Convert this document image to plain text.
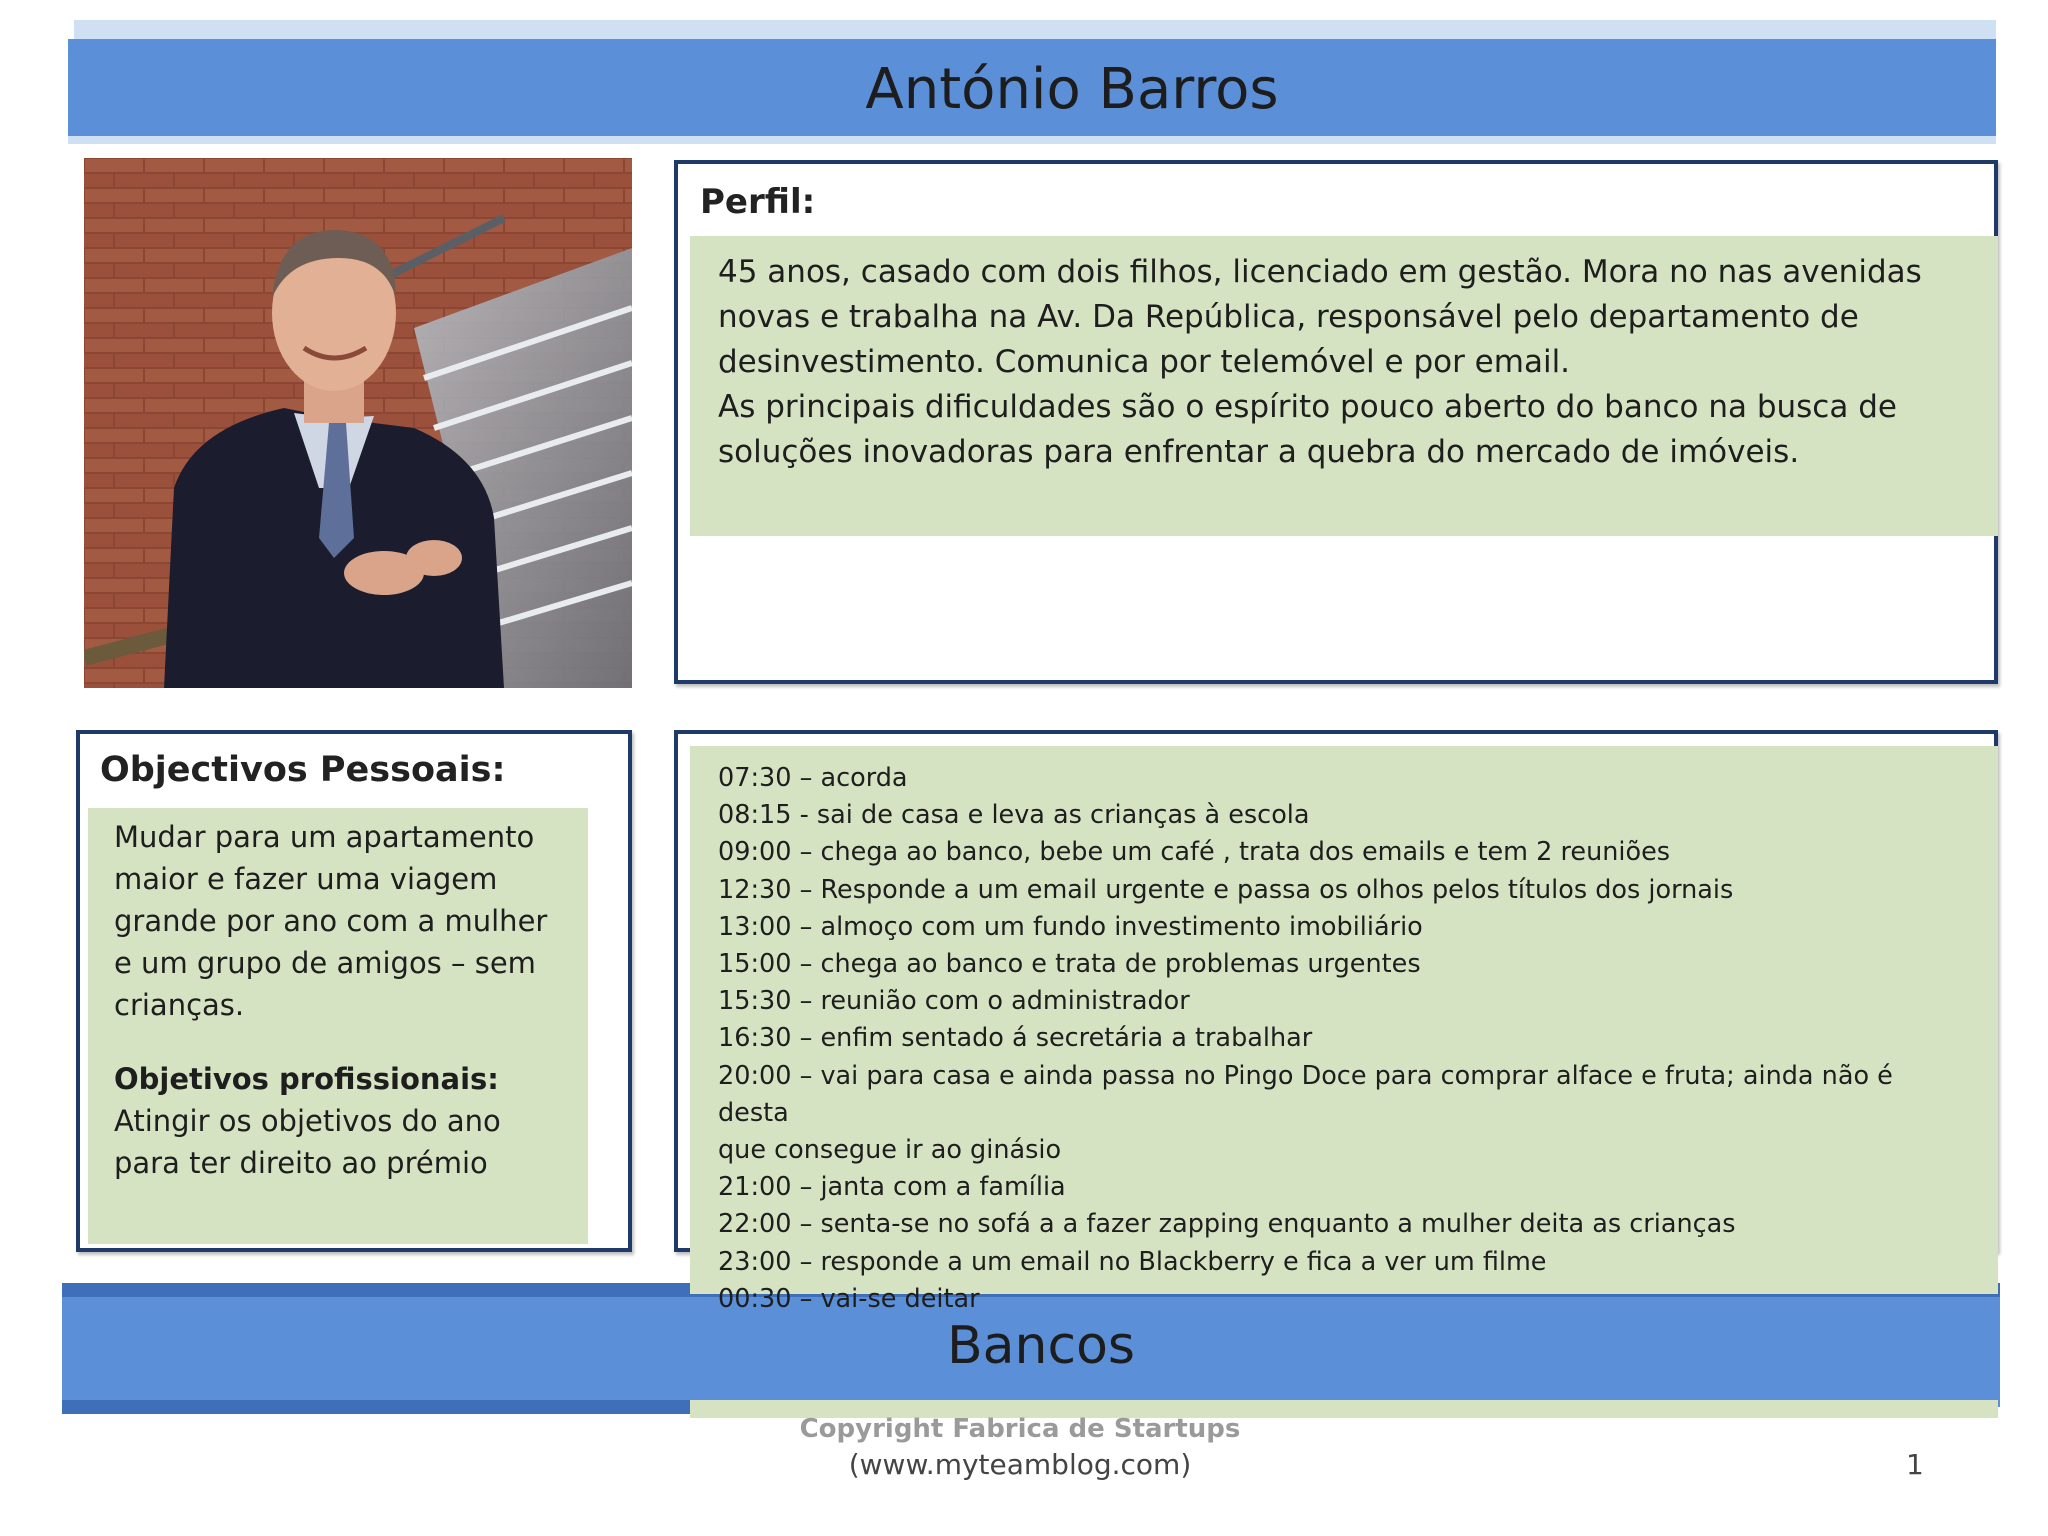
António Barros
Perfil:
45 anos, casado com dois filhos, licenciado em gestão. Mora no nas avenidas
novas e trabalha na Av. Da República, responsável pelo departamento de
desinvestimento. Comunica por telemóvel e por email.
As principais dificuldades são o espírito pouco aberto do banco na busca de
soluções inovadoras para enfrentar a quebra do mercado de imóveis.
Objectivos Pessoais:
Mudar para um apartamento
maior e fazer uma viagem
grande por ano com a mulher
e um grupo de amigos – sem
crianças.
Objetivos profissionais:
Atingir os objetivos do ano
para ter direito ao prémio
07:30 – acorda
08:15 - sai de casa e leva as crianças à escola
09:00 – chega ao banco, bebe um café , trata dos emails e tem 2 reuniões
12:30 – Responde a um email urgente e passa os olhos pelos títulos dos jornais
13:00 – almoço com um fundo investimento imobiliário
15:00 – chega ao banco e trata de problemas urgentes
15:30 – reunião com o administrador
16:30 – enfim sentado á secretária a trabalhar
20:00 – vai para casa e ainda passa no Pingo Doce para comprar alface e fruta; ainda não é desta
que consegue ir ao ginásio
21:00 – janta com a família
22:00 – senta-se no sofá a a fazer zapping enquanto a mulher deita as crianças
23:00 – responde a um email no Blackberry e fica a ver um filme
00:30 – vai-se deitar
Bancos
Copyright Fabrica de Startups
(www.myteamblog.com)	1
